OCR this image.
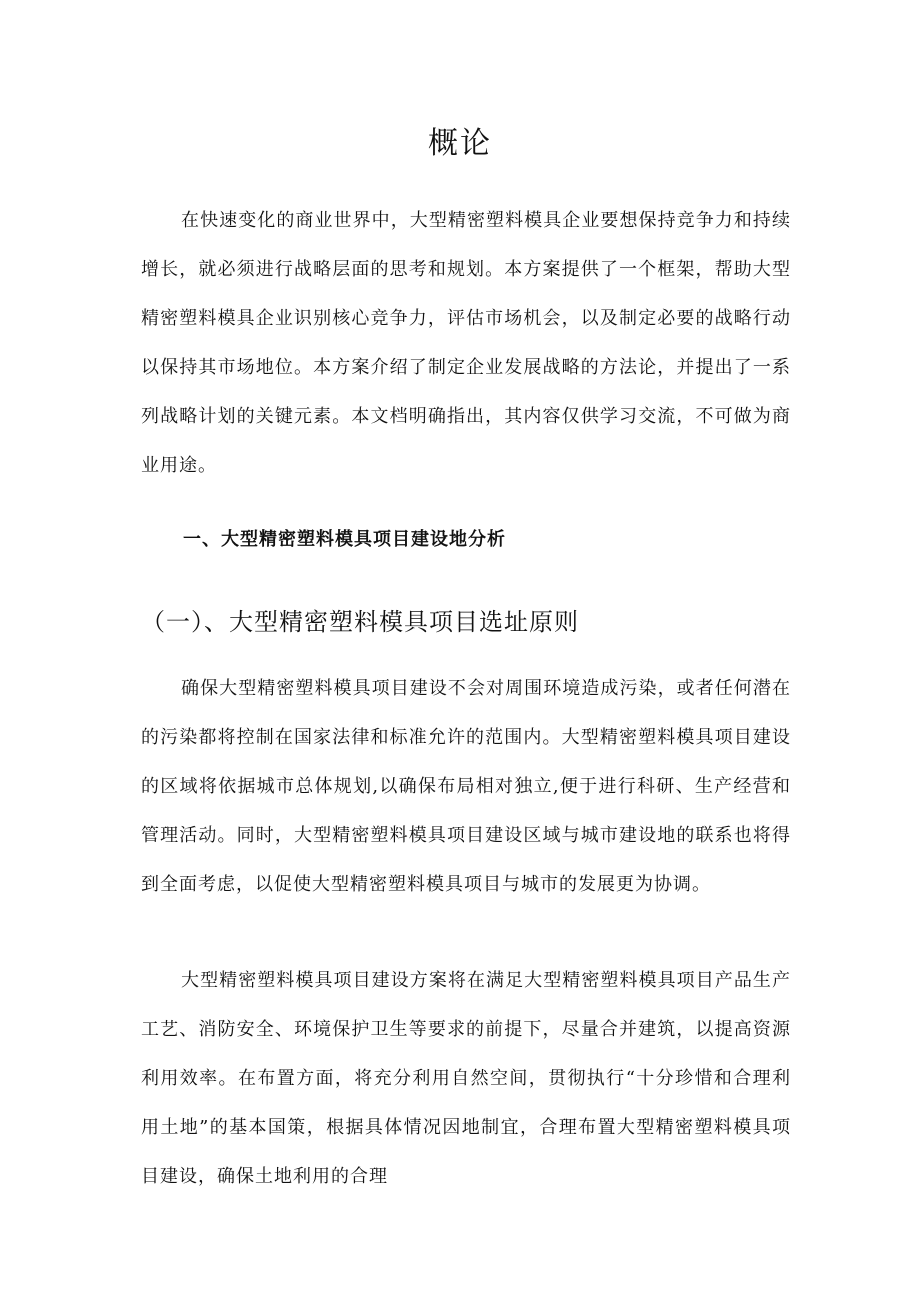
概论

在快速变化的商业世界中，大型精密塑料模具企业要想保持竞争力和持续增长，就必须进行战略层面的思考和规划。本方案提供了一个框架，帮助大型精密塑料模具企业识别核心竞争力，评估市场机会，以及制定必要的战略行动以保持其市场地位。本方案介绍了制定企业发展战略的方法论，并提出了一系列战略计划的关键元素。本文档明确指出，其内容仅供学习交流，不可做为商业用途。

一、大型精密塑料模具项目建设地分析
（一）、大型精密塑料模具项目选址原则

确保大型精密塑料模具项目建设不会对周围环境造成污染，或者任何潜在的污染都将控制在国家法律和标准允许的范围内。大型精密塑料模具项目建设的区域将依据城市总体规划,以确保布局相对独立,便于进行科研、生产经营和管理活动。同时，大型精密塑料模具项目建设区域与城市建设地的联系也将得到全面考虑，以促使大型精密塑料模具项目与城市的发展更为协调。

大型精密塑料模具项目建设方案将在满足大型精密塑料模具项目产品生产工艺、消防安全、环境保护卫生等要求的前提下，尽量合并建筑，以提高资源利用效率。在布置方面，将充分利用自然空间，贯彻执行“十分珍惜和合理利用土地”的基本国策，根据具体情况因地制宜，合理布置大型精密塑料模具项目建设，确保土地利用的合理
